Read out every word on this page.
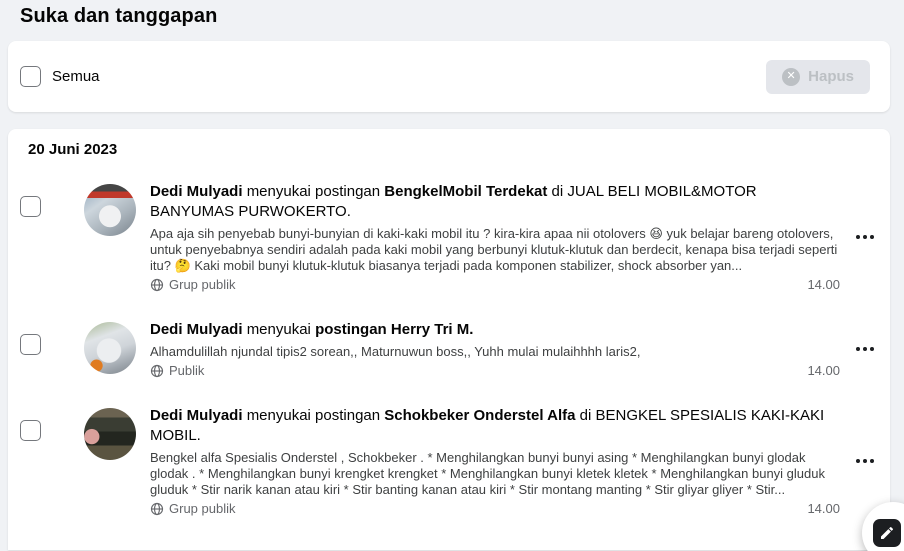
Suka dan tanggapan
Semua	✕ Hapus
20 Juni 2023
Dedi Mulyadi menyukai postingan BengkelMobil Terdekat di JUAL BELI MOBIL&MOTOR BANYUMAS PURWOKERTO.
Apa aja sih penyebab bunyi-bunyian di kaki-kaki mobil itu ? kira-kira apaa nii otolovers 😆 yuk belajar bareng otolovers, untuk penyebabnya sendiri adalah pada kaki mobil yang berbunyi klutuk-klutuk dan berdecit, kenapa bisa terjadi seperti itu? 🤔 Kaki mobil bunyi klutuk-klutuk biasanya terjadi pada komponen stabilizer, shock absorber yan...
Grup publik	14.00
Dedi Mulyadi menyukai postingan Herry Tri M.
Alhamdulillah njundal tipis2 sorean,, Maturnuwun boss,, Yuhh mulai mulaihhhh laris2,
Publik	14.00
Dedi Mulyadi menyukai postingan Schokbeker Onderstel Alfa di BENGKEL SPESIALIS KAKI-KAKI MOBIL.
Bengkel alfa Spesialis Onderstel , Schokbeker . * Menghilangkan bunyi bunyi asing * Menghilangkan bunyi glodak glodak . * Menghilangkan bunyi krengket krengket * Menghilangkan bunyi kletek kletek * Menghilangkan bunyi gluduk gluduk * Stir narik kanan atau kiri * Stir banting kanan atau kiri * Stir montang manting * Stir gliyar gliyer * Stir...
Grup publik	14.00
